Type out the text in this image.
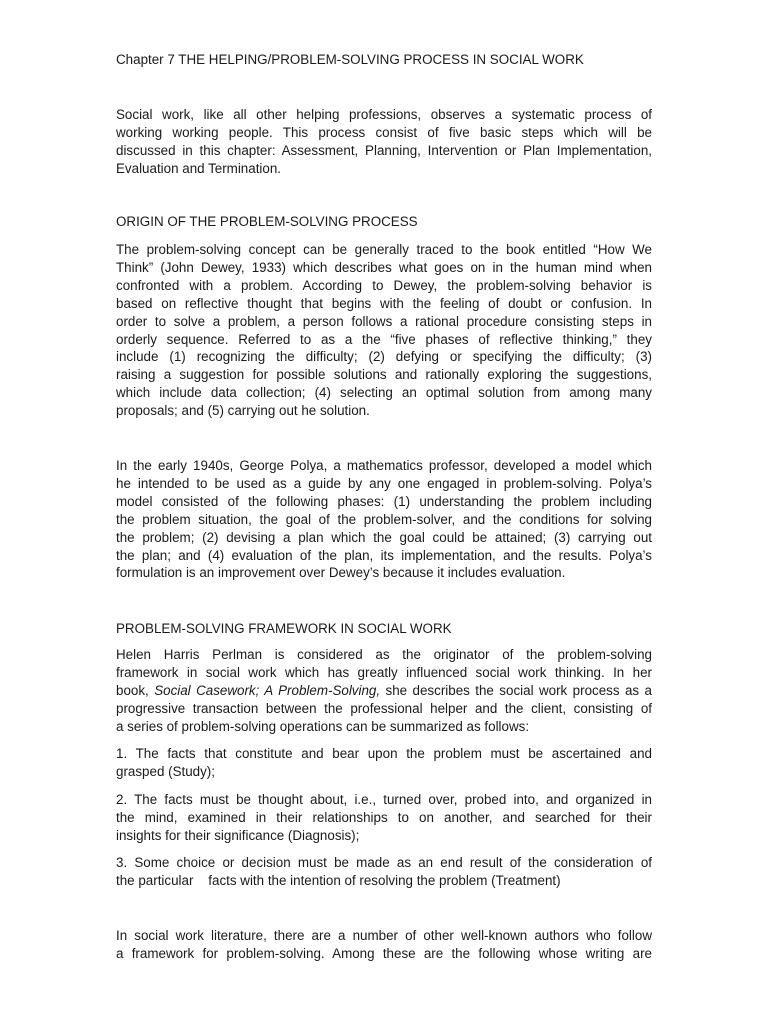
Chapter 7 THE HELPING/PROBLEM-SOLVING PROCESS IN SOCIAL WORK
Social work, like all other helping professions, observes a systematic process of
working working people. This process consist of five basic steps which will be
discussed in this chapter: Assessment, Planning, Intervention or Plan Implementation,
Evaluation and Termination.
ORIGIN OF THE PROBLEM-SOLVING PROCESS
The problem-solving concept can be generally traced to the book entitled “How We
Think” (John Dewey, 1933) which describes what goes on in the human mind when
confronted with a problem. According to Dewey, the problem-solving behavior is
based on reflective thought that begins with the feeling of doubt or confusion. In
order to solve a problem, a person follows a rational procedure consisting steps in
orderly sequence. Referred to as a the “five phases of reflective thinking,” they
include (1) recognizing the difficulty; (2) defying or specifying the difficulty; (3)
raising a suggestion for possible solutions and rationally exploring the suggestions,
which include data collection; (4) selecting an optimal solution from among many
proposals; and (5) carrying out he solution.
In the early 1940s, George Polya, a mathematics professor, developed a model which
he intended to be used as a guide by any one engaged in problem-solving. Polya’s
model consisted of the following phases: (1) understanding the problem including
the problem situation, the goal of the problem-solver, and the conditions for solving
the problem; (2) devising a plan which the goal could be attained; (3) carrying out
the plan; and (4) evaluation of the plan, its implementation, and the results. Polya’s
formulation is an improvement over Dewey’s because it includes evaluation.
PROBLEM-SOLVING FRAMEWORK IN SOCIAL WORK
Helen Harris Perlman is considered as the originator of the problem-solving
framework in social work which has greatly influenced social work thinking. In her
book, Social Casework; A Problem-Solving, she describes the social work process as a
progressive transaction between the professional helper and the client, consisting of
a series of problem-solving operations can be summarized as follows:
1. The facts that constitute and bear upon the problem must be ascertained and
grasped (Study);
2. The facts must be thought about, i.e., turned over, probed into, and organized in
the mind, examined in their relationships to on another, and searched for their
insights for their significance (Diagnosis);
3. Some choice or decision must be made as an end result of the consideration of
the particular    facts with the intention of resolving the problem (Treatment)
In social work literature, there are a number of other well-known authors who follow
a framework for problem-solving. Among these are the following whose writing are
